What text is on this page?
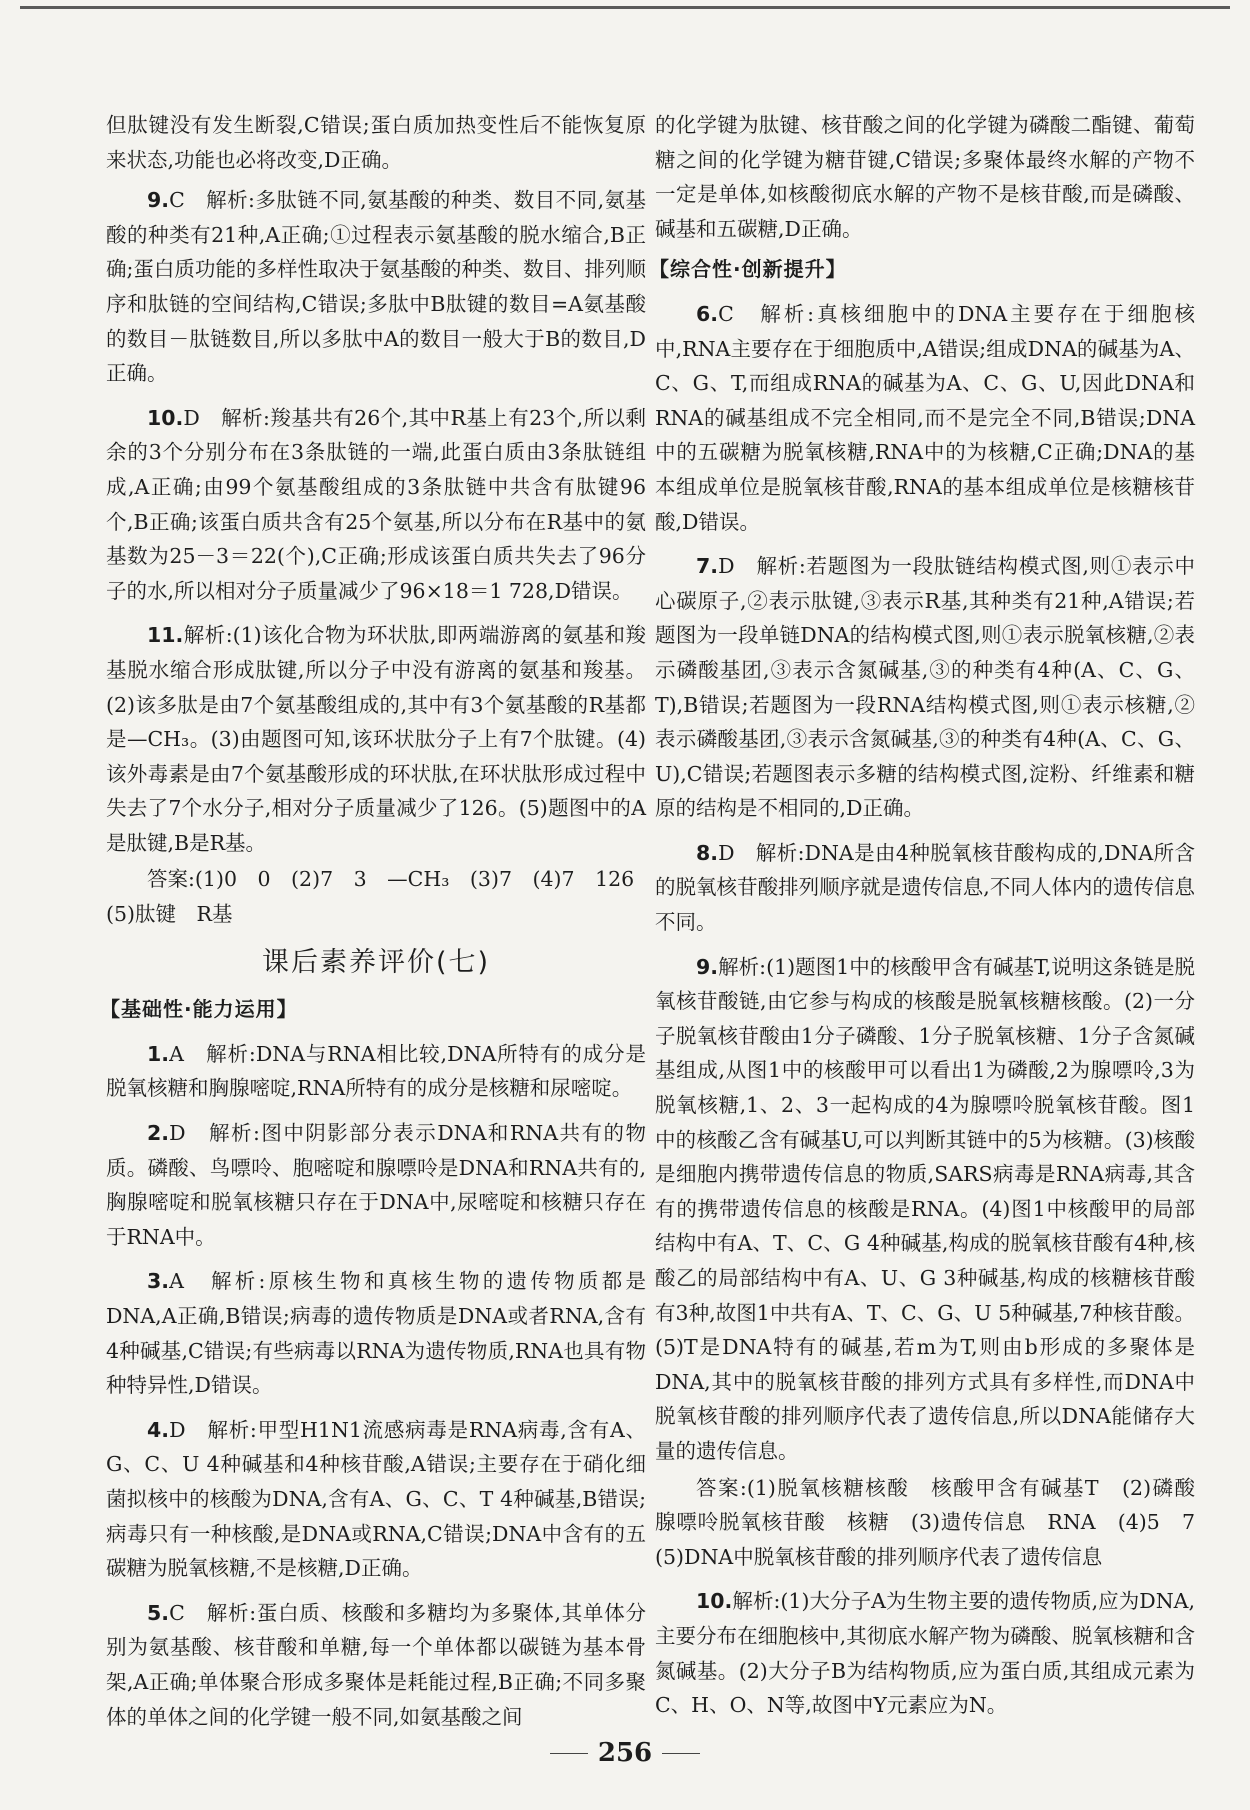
但肽键没有发生断裂,C错误;蛋白质加热变性后不能恢复原来状态,功能也必将改变,D正确。

9.C　解析:多肽链不同,氨基酸的种类、数目不同,氨基酸的种类有21种,A正确;①过程表示氨基酸的脱水缩合,B正确;蛋白质功能的多样性取决于氨基酸的种类、数目、排列顺序和肽链的空间结构,C错误;多肽中B肽键的数目=A氨基酸的数目－肽链数目,所以多肽中A的数目一般大于B的数目,D正确。

10.D　解析:羧基共有26个,其中R基上有23个,所以剩余的3个分别分布在3条肽链的一端,此蛋白质由3条肽链组成,A正确;由99个氨基酸组成的3条肽链中共含有肽键96个,B正确;该蛋白质共含有25个氨基,所以分布在R基中的氨基数为25－3＝22(个),C正确;形成该蛋白质共失去了96分子的水,所以相对分子质量减少了96×18＝1 728,D错误。

11.解析:(1)该化合物为环状肽,即两端游离的氨基和羧基脱水缩合形成肽键,所以分子中没有游离的氨基和羧基。(2)该多肽是由7个氨基酸组成的,其中有3个氨基酸的R基都是—CH₃。(3)由题图可知,该环状肽分子上有7个肽键。(4)该外毒素是由7个氨基酸形成的环状肽,在环状肽形成过程中失去了7个水分子,相对分子质量减少了126。(5)题图中的A是肽键,B是R基。

答案:(1)0　0　(2)7　3　—CH₃　(3)7　(4)7　126

(5)肽键　R基

课后素养评价(七)
【基础性·能力运用】

1.A　解析:DNA与RNA相比较,DNA所特有的成分是脱氧核糖和胸腺嘧啶,RNA所特有的成分是核糖和尿嘧啶。

2.D　解析:图中阴影部分表示DNA和RNA共有的物质。磷酸、鸟嘌呤、胞嘧啶和腺嘌呤是DNA和RNA共有的,胸腺嘧啶和脱氧核糖只存在于DNA中,尿嘧啶和核糖只存在于RNA中。

3.A　解析:原核生物和真核生物的遗传物质都是DNA,A正确,B错误;病毒的遗传物质是DNA或者RNA,含有4种碱基,C错误;有些病毒以RNA为遗传物质,RNA也具有物种特异性,D错误。

4.D　解析:甲型H1N1流感病毒是RNA病毒,含有A、G、C、U 4种碱基和4种核苷酸,A错误;主要存在于硝化细菌拟核中的核酸为DNA,含有A、G、C、T 4种碱基,B错误;病毒只有一种核酸,是DNA或RNA,C错误;DNA中含有的五碳糖为脱氧核糖,不是核糖,D正确。

5.C　解析:蛋白质、核酸和多糖均为多聚体,其单体分别为氨基酸、核苷酸和单糖,每一个单体都以碳链为基本骨架,A正确;单体聚合形成多聚体是耗能过程,B正确;不同多聚体的单体之间的化学键一般不同,如氨基酸之间

的化学键为肽键、核苷酸之间的化学键为磷酸二酯键、葡萄糖之间的化学键为糖苷键,C错误;多聚体最终水解的产物不一定是单体,如核酸彻底水解的产物不是核苷酸,而是磷酸、碱基和五碳糖,D正确。

【综合性·创新提升】

6.C　解析:真核细胞中的DNA主要存在于细胞核中,RNA主要存在于细胞质中,A错误;组成DNA的碱基为A、C、G、T,而组成RNA的碱基为A、C、G、U,因此DNA和RNA的碱基组成不完全相同,而不是完全不同,B错误;DNA中的五碳糖为脱氧核糖,RNA中的为核糖,C正确;DNA的基本组成单位是脱氧核苷酸,RNA的基本组成单位是核糖核苷酸,D错误。

7.D　解析:若题图为一段肽链结构模式图,则①表示中心碳原子,②表示肽键,③表示R基,其种类有21种,A错误;若题图为一段单链DNA的结构模式图,则①表示脱氧核糖,②表示磷酸基团,③表示含氮碱基,③的种类有4种(A、C、G、T),B错误;若题图为一段RNA结构模式图,则①表示核糖,②表示磷酸基团,③表示含氮碱基,③的种类有4种(A、C、G、U),C错误;若题图表示多糖的结构模式图,淀粉、纤维素和糖原的结构是不相同的,D正确。

8.D　解析:DNA是由4种脱氧核苷酸构成的,DNA所含的脱氧核苷酸排列顺序就是遗传信息,不同人体内的遗传信息不同。

9.解析:(1)题图1中的核酸甲含有碱基T,说明这条链是脱氧核苷酸链,由它参与构成的核酸是脱氧核糖核酸。(2)一分子脱氧核苷酸由1分子磷酸、1分子脱氧核糖、1分子含氮碱基组成,从图1中的核酸甲可以看出1为磷酸,2为腺嘌呤,3为脱氧核糖,1、2、3一起构成的4为腺嘌呤脱氧核苷酸。图1中的核酸乙含有碱基U,可以判断其链中的5为核糖。(3)核酸是细胞内携带遗传信息的物质,SARS病毒是RNA病毒,其含有的携带遗传信息的核酸是RNA。(4)图1中核酸甲的局部结构中有A、T、C、G 4种碱基,构成的脱氧核苷酸有4种,核酸乙的局部结构中有A、U、G 3种碱基,构成的核糖核苷酸有3种,故图1中共有A、T、C、G、U 5种碱基,7种核苷酸。(5)T是DNA特有的碱基,若m为T,则由b形成的多聚体是DNA,其中的脱氧核苷酸的排列方式具有多样性,而DNA中脱氧核苷酸的排列顺序代表了遗传信息,所以DNA能储存大量的遗传信息。

答案:(1)脱氧核糖核酸　核酸甲含有碱基T　(2)磷酸　腺嘌呤脱氧核苷酸　核糖　(3)遗传信息　RNA　(4)5　7　(5)DNA中脱氧核苷酸的排列顺序代表了遗传信息

10.解析:(1)大分子A为生物主要的遗传物质,应为DNA,主要分布在细胞核中,其彻底水解产物为磷酸、脱氧核糖和含氮碱基。(2)大分子B为结构物质,应为蛋白质,其组成元素为C、H、O、N等,故图中Y元素应为N。

256
